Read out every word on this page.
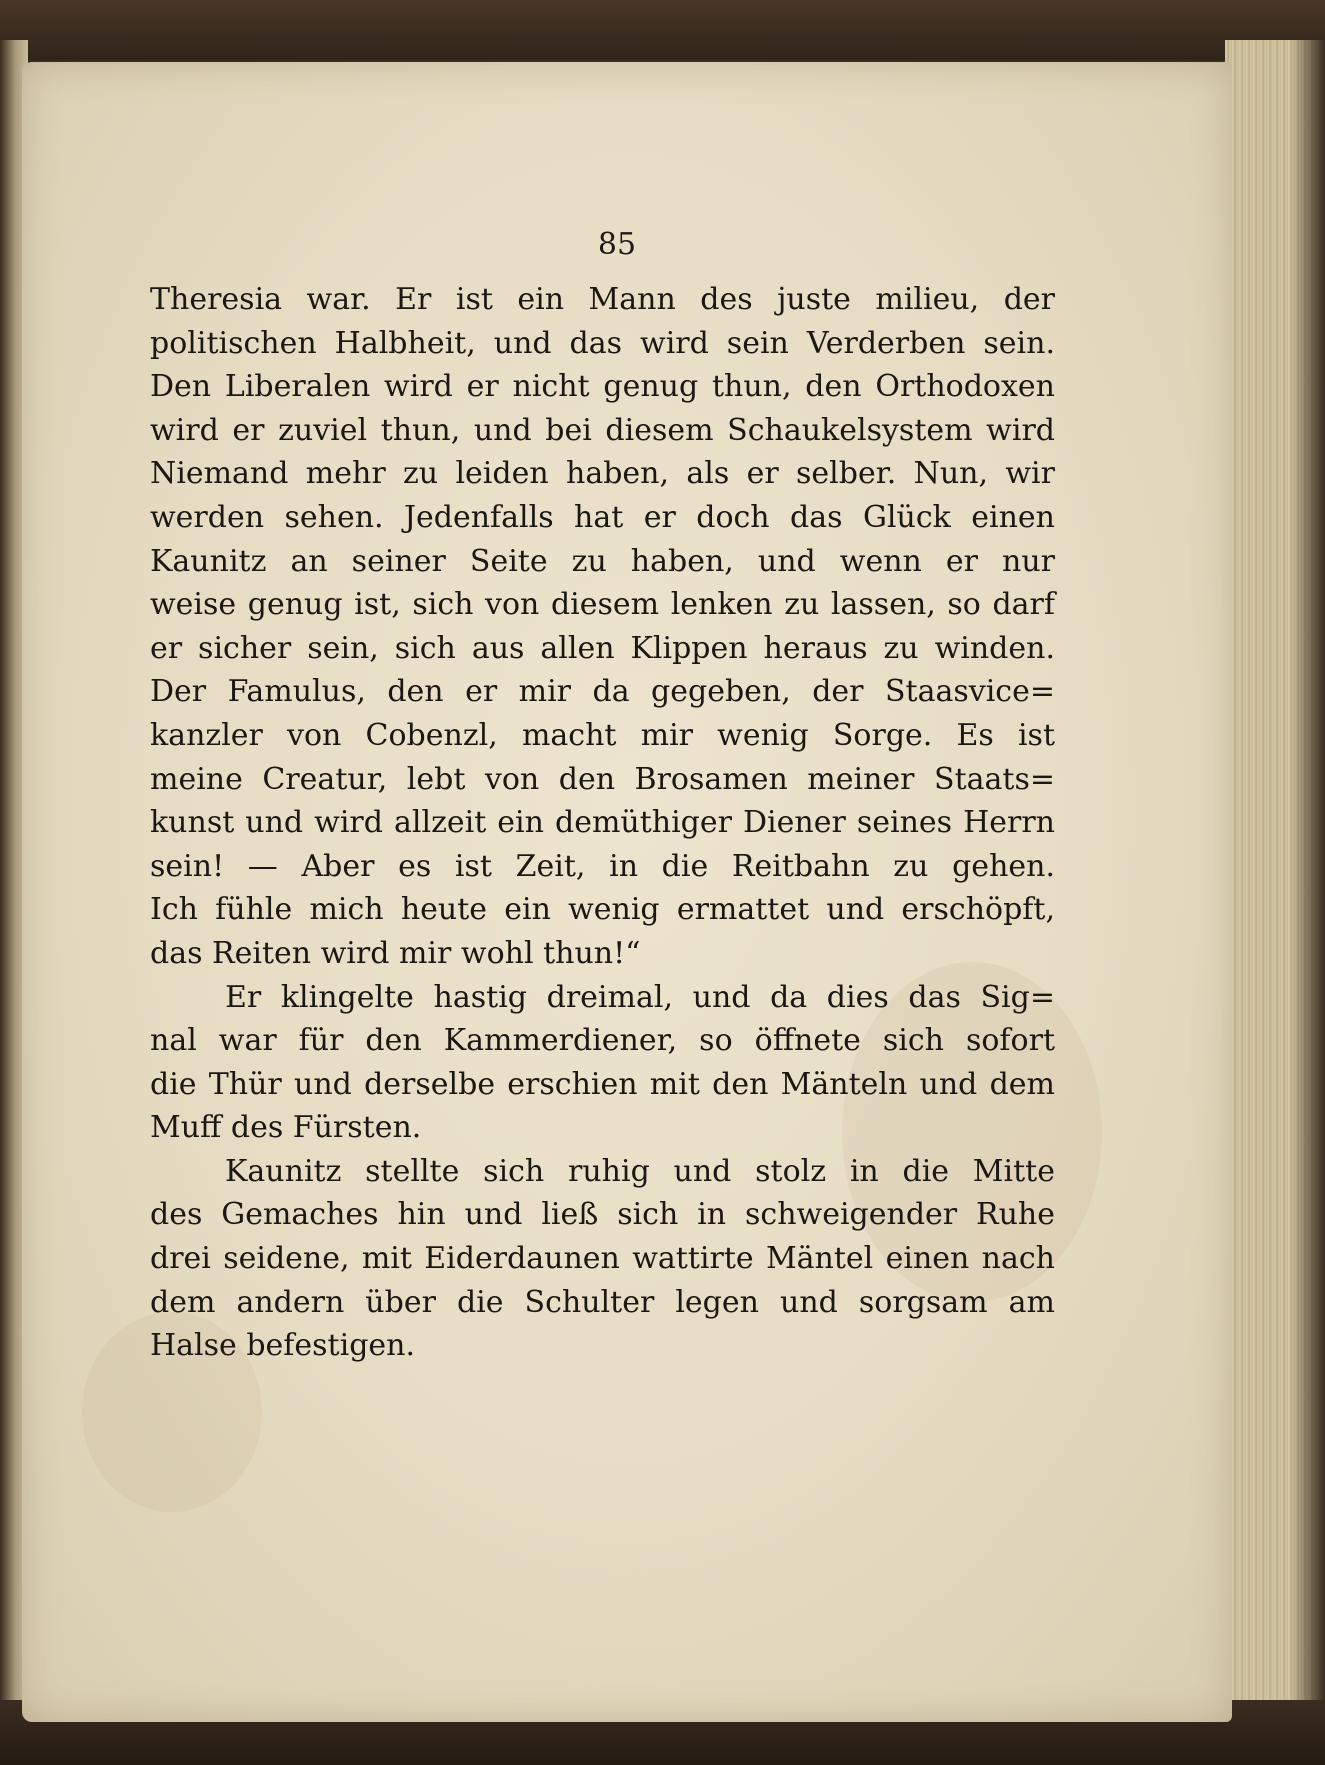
85

Theresia war. Er ist ein Mann des juste milieu, der
politischen Halbheit, und das wird sein Verderben sein.
Den Liberalen wird er nicht genug thun, den Orthodoxen
wird er zuviel thun, und bei diesem Schaukelsystem wird
Niemand mehr zu leiden haben, als er selber. Nun, wir
werden sehen. Jedenfalls hat er doch das Glück einen
Kaunitz an seiner Seite zu haben, und wenn er nur
weise genug ist, sich von diesem lenken zu lassen, so darf
er sicher sein, sich aus allen Klippen heraus zu winden.
Der Famulus, den er mir da gegeben, der Staasvice=
kanzler von Cobenzl, macht mir wenig Sorge. Es ist
meine Creatur, lebt von den Brosamen meiner Staats=
kunst und wird allzeit ein demüthiger Diener seines Herrn
sein! — Aber es ist Zeit, in die Reitbahn zu gehen.
Ich fühle mich heute ein wenig ermattet und erschöpft,
das Reiten wird mir wohl thun!“
Er klingelte hastig dreimal, und da dies das Sig=
nal war für den Kammerdiener, so öffnete sich sofort
die Thür und derselbe erschien mit den Mänteln und dem
Muff des Fürsten.
Kaunitz stellte sich ruhig und stolz in die Mitte
des Gemaches hin und ließ sich in schweigender Ruhe
drei seidene, mit Eiderdaunen wattirte Mäntel einen nach
dem andern über die Schulter legen und sorgsam am
Halse befestigen.
